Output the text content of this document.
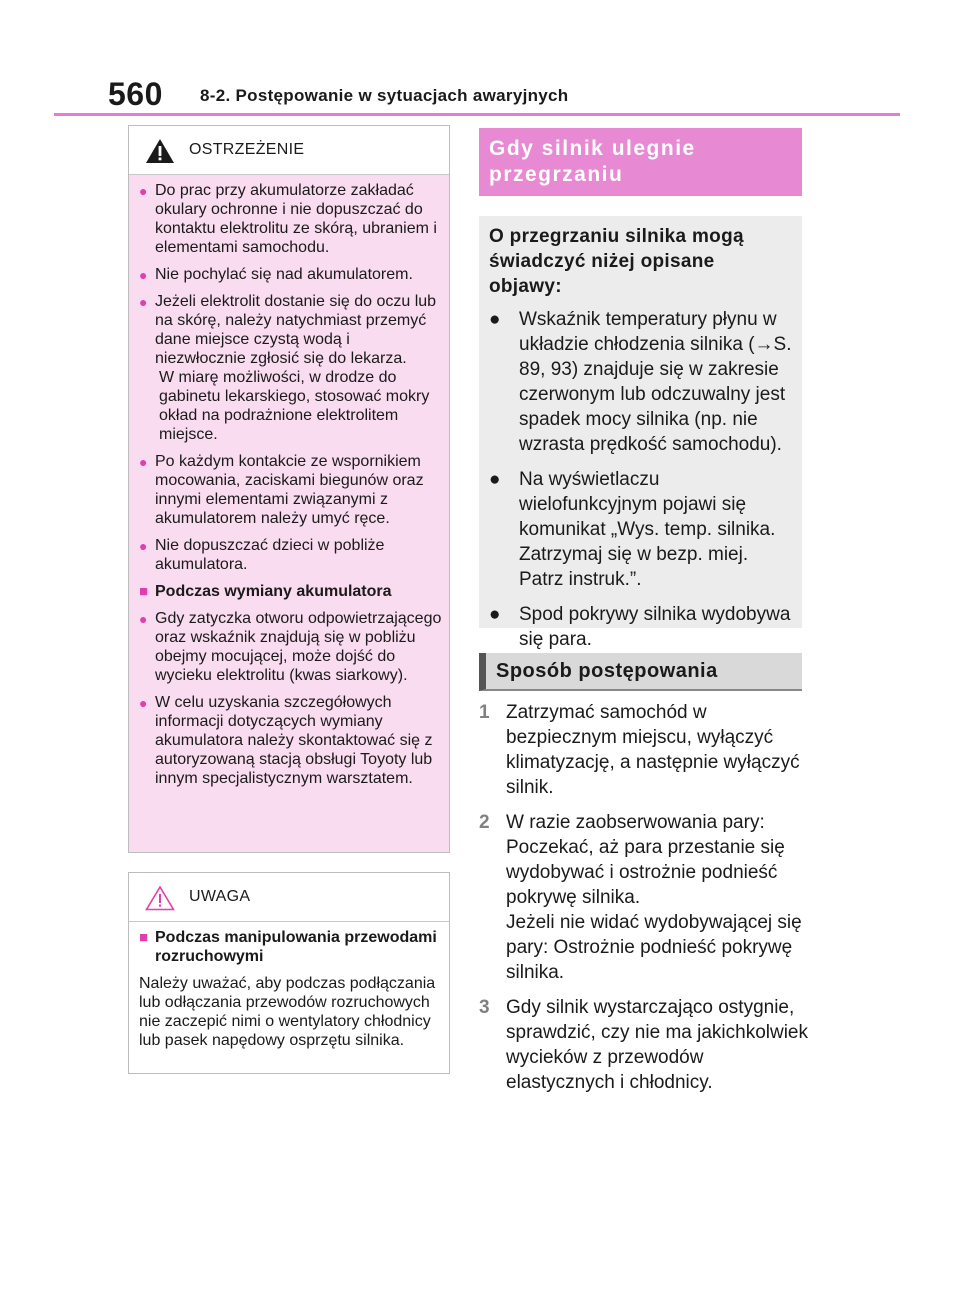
560 8-2. Postępowanie w sytuacjach awaryjnych
OSTRZEŻENIE
● Do prac przy akumulatorze zakładać okulary ochronne i nie dopuszczać do kontaktu elektrolitu ze skórą, ubraniem i elementami samochodu.
● Nie pochylać się nad akumulatorem.
● Jeżeli elektrolit dostanie się do oczu lub na skórę, należy natychmiast przemyć dane miejsce czystą wodą i niezwłocznie zgłosić się do lekarza.
W miarę możliwości, w drodze do gabinetu lekarskiego, stosować mokry okład na podrażnione elektrolitem miejsce.
● Po każdym kontakcie ze wspornikiem mocowania, zaciskami biegunów oraz innymi elementami związanymi z akumulatorem należy umyć ręce.
● Nie dopuszczać dzieci w pobliże akumulatora.
■ Podczas wymiany akumulatora
● Gdy zatyczka otworu odpowietrzającego oraz wskaźnik znajdują się w pobliżu obejmy mocującej, może dojść do wycieku elektrolitu (kwas siarkowy).
● W celu uzyskania szczegółowych informacji dotyczących wymiany akumulatora należy skontaktować się z autoryzowaną stacją obsługi Toyoty lub innym specjalistycznym warsztatem.
UWAGA
■ Podczas manipulowania przewodami rozruchowymi
Należy uważać, aby podczas podłączania lub odłączania przewodów rozruchowych nie zaczepić nimi o wentylatory chłodnicy lub pasek napędowy osprzętu silnika.
Gdy silnik ulegnie przegrzaniu
O przegrzaniu silnika mogą świadczyć niżej opisane objawy:
● Wskaźnik temperatury płynu w układzie chłodzenia silnika (→S. 89, 93) znajduje się w zakresie czerwonym lub odczuwalny jest spadek mocy silnika (np. nie wzrasta prędkość samochodu).
● Na wyświetlaczu wielofunkcyjnym pojawi się komunikat „Wys. temp. silnika. Zatrzymaj się w bezp. miej. Patrz instruk.”.
● Spod pokrywy silnika wydobywa się para.
Sposób postępowania
1 Zatrzymać samochód w bezpiecznym miejscu, wyłączyć klimatyzację, a następnie wyłączyć silnik.
2 W razie zaobserwowania pary: Poczekać, aż para przestanie się wydobywać i ostrożnie podnieść pokrywę silnika.
Jeżeli nie widać wydobywającej się pary: Ostrożnie podnieść pokrywę silnika.
3 Gdy silnik wystarczająco ostygnie, sprawdzić, czy nie ma jakichkolwiek wycieków z przewodów elastycznych i chłodnicy.
